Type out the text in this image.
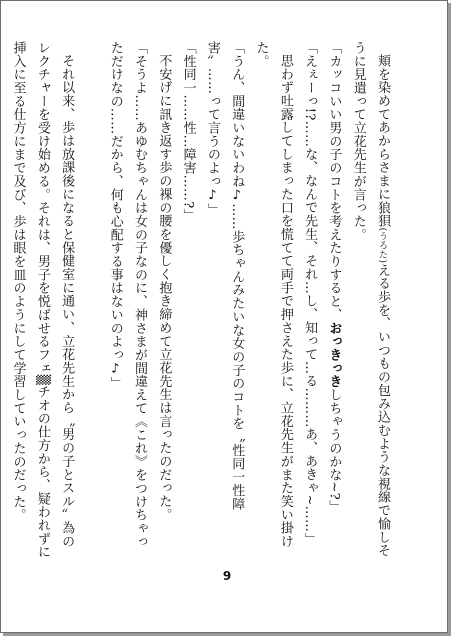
頬を染めてあからさまに狼狽(うろた)える歩を、いつもの包み込むような視線で愉しそうに見遣って立花先生が言った。

「カッコいい男の子のコトを考えたりすると、おっきっきしちゃうのかな~?」

「えぇーっ!?……な、なんで先生、それ…し、知って…る………あ、あきゃ~……」

思わず吐露してしまった口を慌てて両手で押さえた歩に、立花先生がまた笑い掛けた。

「うん、間違いないわね♪……歩ちゃんみたいな女の子のコトを〝性同一性障害〟……って言うのよっ♪」

「性同一……性…障害……?」

不安げに訊き返す歩の裸の腰を優しく抱き締めて立花先生は言ったのだった。

「そうよ……あゆむちゃんは女の子なのに、神さまが間違えて《これ》をつけちゃっただけなの……だから、何も心配する事はないのよっ♪」

それ以来、歩は放課後になると保健室に通い、立花先生から〝男の子とスル〟為のレクチャーを受け始める。それは、男子を悦ばせるフェ▒チオの仕方から、疑われずに挿入に至る仕方にまで及び、歩は眼を皿のようにして学習していったのだった。

9
